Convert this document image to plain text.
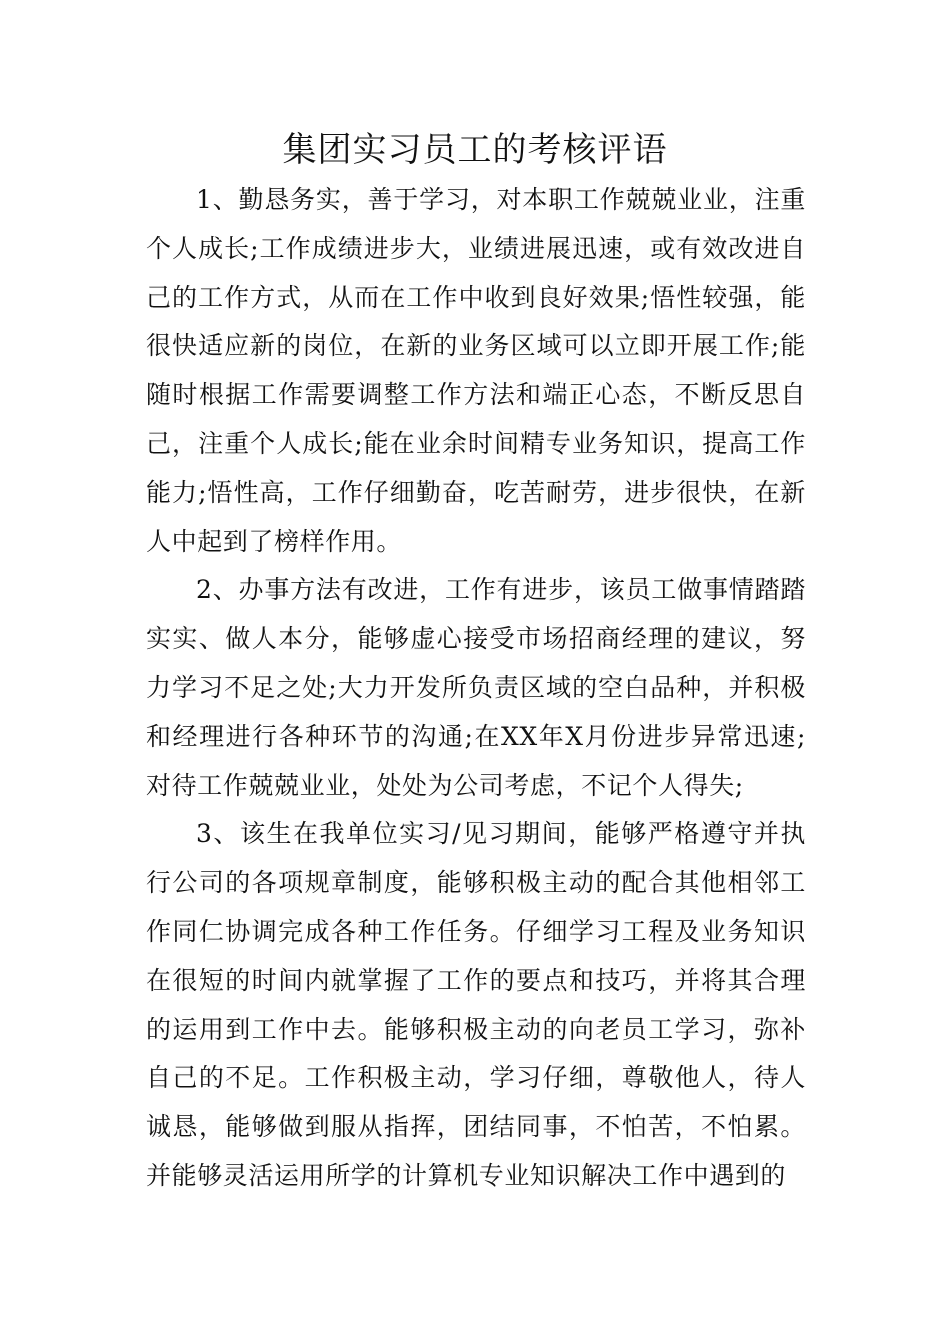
集团实习员工的考核评语

1、勤恳务实，善于学习，对本职工作兢兢业业，注重个人成长;工作成绩进步大，业绩进展迅速，或有效改进自己的工作方式，从而在工作中收到良好效果;悟性较强，能很快适应新的岗位，在新的业务区域可以立即开展工作;能随时根据工作需要调整工作方法和端正心态，不断反思自己，注重个人成长;能在业余时间精专业务知识，提高工作能力;悟性高，工作仔细勤奋，吃苦耐劳，进步很快，在新人中起到了榜样作用。

2、办事方法有改进，工作有进步，该员工做事情踏踏实实、做人本分，能够虚心接受市场招商经理的建议，努力学习不足之处;大力开发所负责区域的空白品种，并积极和经理进行各种环节的沟通;在XX年X月份进步异常迅速;对待工作兢兢业业，处处为公司考虑，不记个人得失;

3、该生在我单位实习/见习期间，能够严格遵守并执行公司的各项规章制度，能够积极主动的配合其他相邻工作同仁协调完成各种工作任务。仔细学习工程及业务知识在很短的时间内就掌握了工作的要点和技巧，并将其合理的运用到工作中去。能够积极主动的向老员工学习，弥补自己的不足。工作积极主动，学习仔细，尊敬他人，待人诚恳，能够做到服从指挥，团结同事，不怕苦，不怕累。并能够灵活运用所学的计算机专业知识解决工作中遇到的
